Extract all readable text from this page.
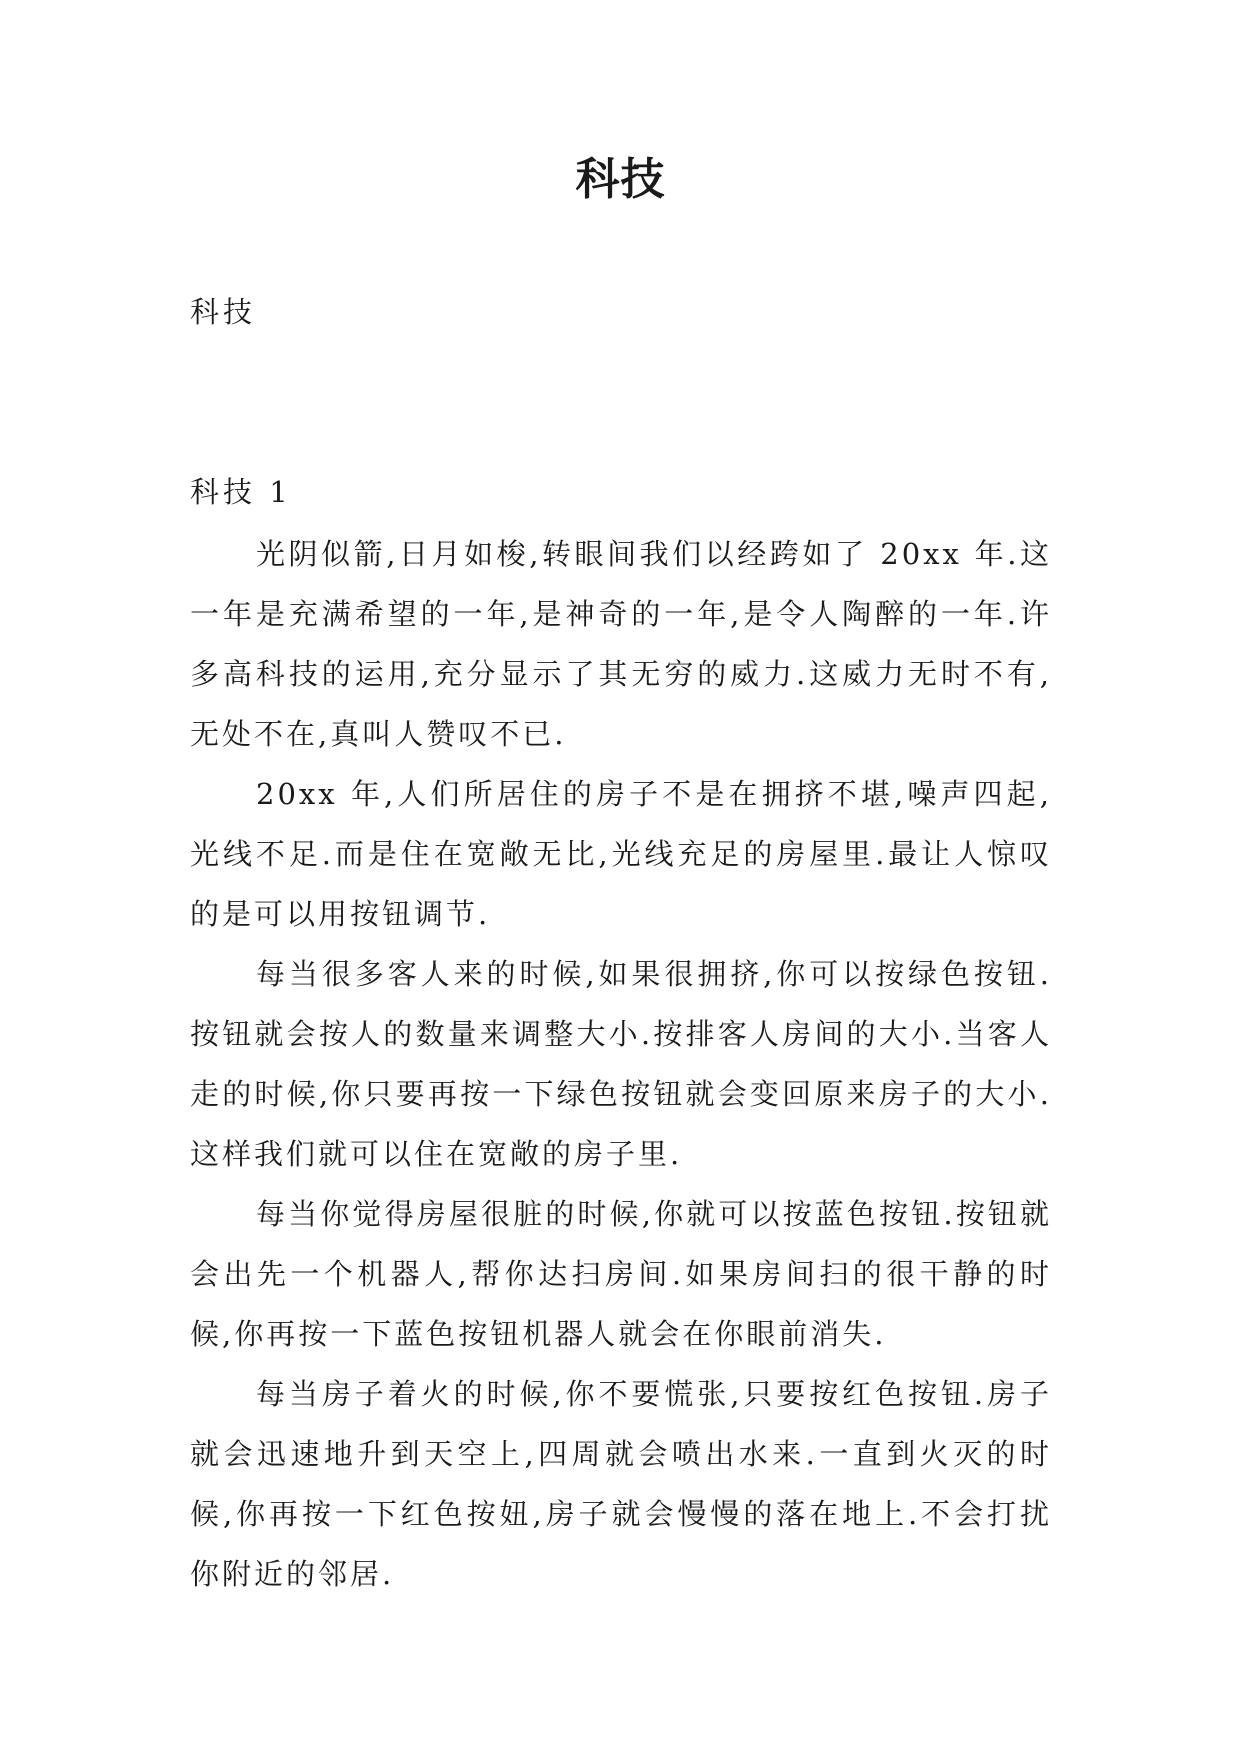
科技

科技

科技 1

光阴似箭,日月如梭,转眼间我们以经跨如了 20xx 年.这一年是充满希望的一年,是神奇的一年,是令人陶醉的一年.许多高科技的运用,充分显示了其无穷的威力.这威力无时不有,无处不在,真叫人赞叹不已.

20xx 年,人们所居住的房子不是在拥挤不堪,噪声四起,光线不足.而是住在宽敞无比,光线充足的房屋里.最让人惊叹的是可以用按钮调节.

每当很多客人来的时候,如果很拥挤,你可以按绿色按钮.按钮就会按人的数量来调整大小.按排客人房间的大小.当客人走的时候,你只要再按一下绿色按钮就会变回原来房子的大小.这样我们就可以住在宽敞的房子里.

每当你觉得房屋很脏的时候,你就可以按蓝色按钮.按钮就会出先一个机器人,帮你达扫房间.如果房间扫的很干静的时候,你再按一下蓝色按钮机器人就会在你眼前消失.

每当房子着火的时候,你不要慌张,只要按红色按钮.房子就会迅速地升到天空上,四周就会喷出水来.一直到火灭的时候,你再按一下红色按妞,房子就会慢慢的落在地上.不会打扰你附近的邻居.
